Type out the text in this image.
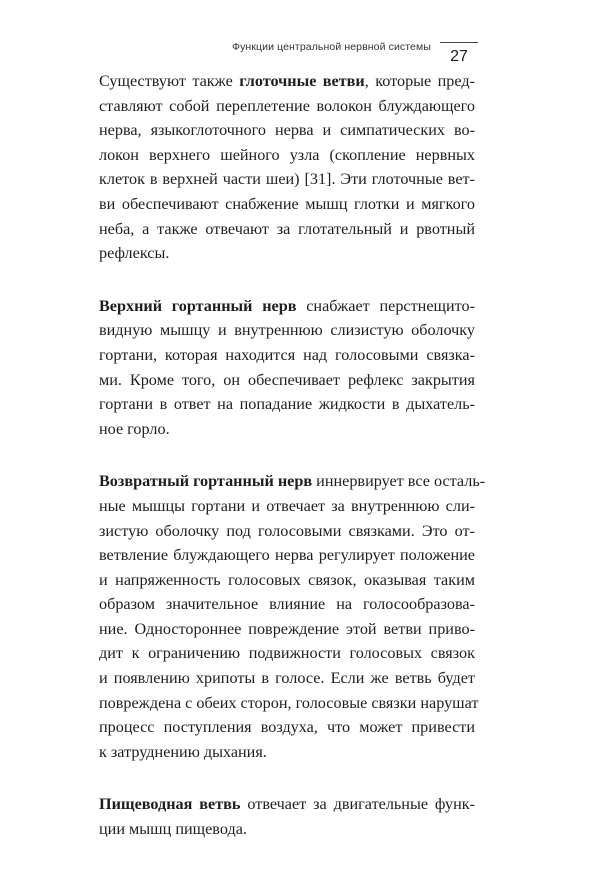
Функции центральной нервной системы
27

Существуют также глоточные ветви, которые пред-
ставляют собой переплетение волокон блуждающего
нерва, языкоглоточного нерва и симпатических во-
локон верхнего шейного узла (скопление нервных
клеток в верхней части шеи) [31]. Эти глоточные вет-
ви обеспечивают снабжение мышц глотки и мягкого
неба, а также отвечают за глотательный и рвотный
рефлексы.

Верхний гортанный нерв снабжает перстнещито-
видную мышцу и внутреннюю слизистую оболочку
гортани, которая находится над голосовыми связка-
ми. Кроме того, он обеспечивает рефлекс закрытия
гортани в ответ на попадание жидкости в дыхатель-
ное горло.

Возвратный гортанный нерв иннервирует все осталь-
ные мышцы гортани и отвечает за внутреннюю сли-
зистую оболочку под голосовыми связками. Это от-
ветвление блуждающего нерва регулирует положение
и напряженность голосовых связок, оказывая таким
образом значительное влияние на голосообразова-
ние. Одностороннее повреждение этой ветви приво-
дит к ограничению подвижности голосовых связок
и появлению хрипоты в голосе. Если же ветвь будет
повреждена с обеих сторон, голосовые связки нарушат
процесс поступления воздуха, что может привести
к затруднению дыхания.

Пищеводная ветвь отвечает за двигательные функ-
ции мышц пищевода.
